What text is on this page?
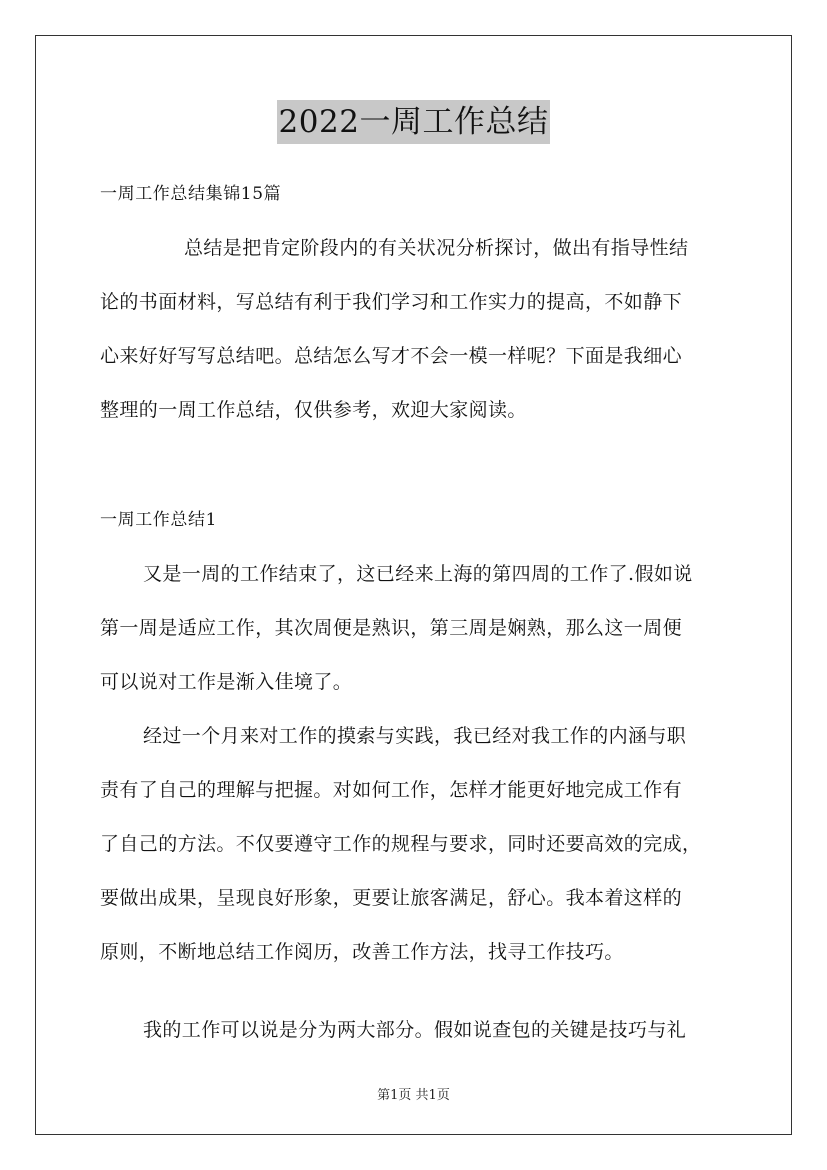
2022一周工作总结
一周工作总结集锦15篇
总结是把肯定阶段内的有关状况分析探讨，做出有指导性结
论的书面材料，写总结有利于我们学习和工作实力的提高，不如静下
心来好好写写总结吧。总结怎么写才不会一模一样呢？下面是我细心
整理的一周工作总结，仅供参考，欢迎大家阅读。
一周工作总结1
又是一周的工作结束了，这已经来上海的第四周的工作了.假如说
第一周是适应工作，其次周便是熟识，第三周是娴熟，那么这一周便
可以说对工作是渐入佳境了。
经过一个月来对工作的摸索与实践，我已经对我工作的内涵与职
责有了自己的理解与把握。对如何工作，怎样才能更好地完成工作有
了自己的方法。不仅要遵守工作的规程与要求，同时还要高效的完成，
要做出成果，呈现良好形象，更要让旅客满足，舒心。我本着这样的
原则，不断地总结工作阅历，改善工作方法，找寻工作技巧。
我的工作可以说是分为两大部分。假如说查包的关键是技巧与礼
第1页 共1页
